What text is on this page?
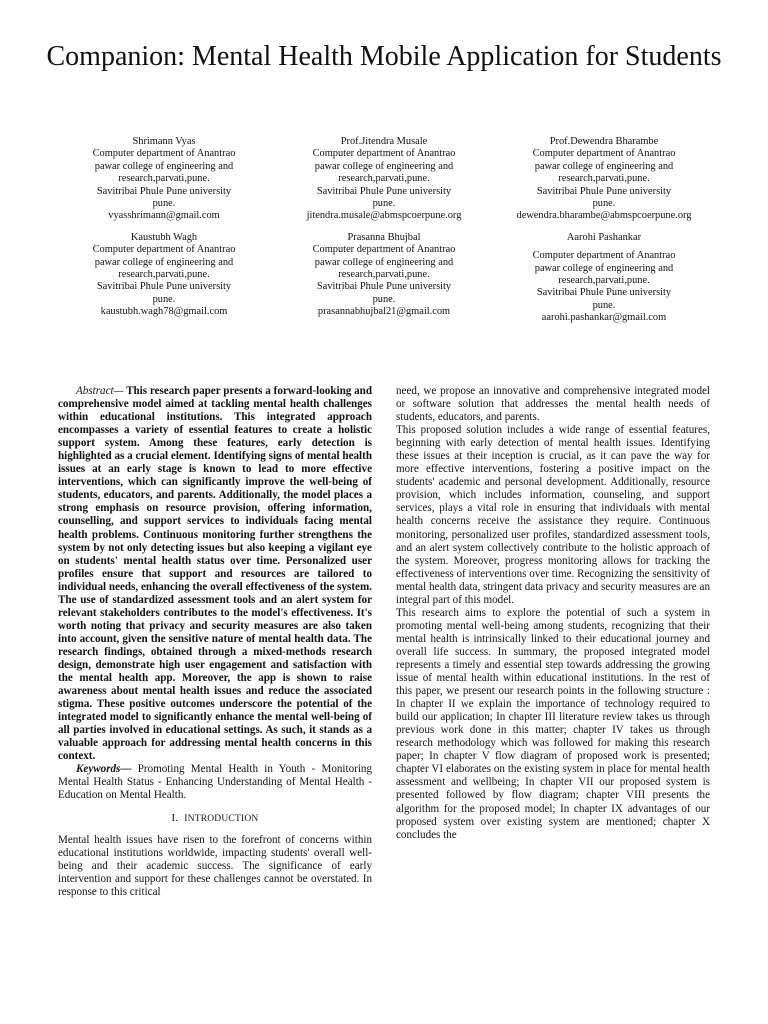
Companion: Mental Health Mobile Application for Students
Shrimann Vyas
Computer department of Anantrao
pawar college of engineering and
research,parvati,pune.
Savitribai Phule Pune university
pune.
vyasshrimann@gmail.com
Kaustubh Wagh
Computer department of Anantrao
pawar college of engineering and
research,parvati,pune.
Savitribai Phule Pune university
pune.
kaustubh.wagh78@gmail.com
Prof.Jitendra Musale
Computer department of Anantrao
pawar college of engineering and
research,parvati,pune.
Savitribai Phule Pune university
pune.
jitendra.musale@abmspcoerpune.org
Prasanna Bhujbal
Computer department of Anantrao
pawar college of engineering and
research,parvati,pune.
Savitribai Phule Pune university
pune.
prasannabhujbal21@gmail.com
Prof.Dewendra Bharambe
Computer department of Anantrao
pawar college of engineering and
research,parvati,pune.
Savitribai Phule Pune university
pune.
dewendra.bharambe@abmspcoerpune.org
Aarohi Pashankar
Computer department of Anantrao
pawar college of engineering and
research,parvati,pune.
Savitribai Phule Pune university
pune.
aarohi.pashankar@gmail.com

Abstract— This research paper presents a forward-looking and comprehensive model aimed at tackling mental health challenges within educational institutions. This integrated approach encompasses a variety of essential features to create a holistic support system. Among these features, early detection is highlighted as a crucial element. Identifying signs of mental health issues at an early stage is known to lead to more effective interventions, which can significantly improve the well-being of students, educators, and parents. Additionally, the model places a strong emphasis on resource provision, offering information, counselling, and support services to individuals facing mental health problems. Continuous monitoring further strengthens the system by not only detecting issues but also keeping a vigilant eye on students' mental health status over time. Personalized user profiles ensure that support and resources are tailored to individual needs, enhancing the overall effectiveness of the system. The use of standardized assessment tools and an alert system for relevant stakeholders contributes to the model's effectiveness. It's worth noting that privacy and security measures are also taken into account, given the sensitive nature of mental health data. The research findings, obtained through a mixed-methods research design, demonstrate high user engagement and satisfaction with the mental health app. Moreover, the app is shown to raise awareness about mental health issues and reduce the associated stigma. These positive outcomes underscore the potential of the integrated model to significantly enhance the mental well-being of all parties involved in educational settings. As such, it stands as a valuable approach for addressing mental health concerns in this context.

Keywords— Promoting Mental Health in Youth - Monitoring Mental Health Status - Enhancing Understanding of Mental Health - Education on Mental Health.

I. INTRODUCTION

Mental health issues have risen to the forefront of concerns within educational institutions worldwide, impacting students' overall well-being and their academic success. The significance of early intervention and support for these challenges cannot be overstated. In response to this critical

need, we propose an innovative and comprehensive integrated model or software solution that addresses the mental health needs of students, educators, and parents.

This proposed solution includes a wide range of essential features, beginning with early detection of mental health issues. Identifying these issues at their inception is crucial, as it can pave the way for more effective interventions, fostering a positive impact on the students' academic and personal development. Additionally, resource provision, which includes information, counseling, and support services, plays a vital role in ensuring that individuals with mental health concerns receive the assistance they require. Continuous monitoring, personalized user profiles, standardized assessment tools, and an alert system collectively contribute to the holistic approach of the system. Moreover, progress monitoring allows for tracking the effectiveness of interventions over time. Recognizing the sensitivity of mental health data, stringent data privacy and security measures are an integral part of this model.

This research aims to explore the potential of such a system in promoting mental well-being among students, recognizing that their mental health is intrinsically linked to their educational journey and overall life success. In summary, the proposed integrated model represents a timely and essential step towards addressing the growing issue of mental health within educational institutions. In the rest of this paper, we present our research points in the following structure : In chapter II we explain the importance of technology required to build our application; In chapter III literature review takes us through previous work done in this matter; chapter IV takes us through research methodology which was followed for making this research paper; In chapter V flow diagram of proposed work is presented; chapter VI elaborates on the existing system in place for mental health assessment and wellbeing; In chapter VII our proposed system is presented followed by flow diagram; chapter VIII presents the algorithm for the proposed model; In chapter IX advantages of our proposed system over existing system are mentioned; chapter X concludes the
